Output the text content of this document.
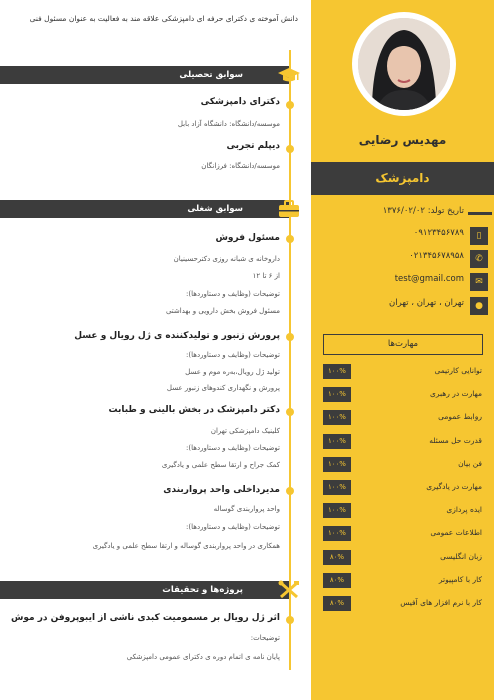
مهدیس رضایی
دامپزشک
تاریخ تولد: ۱۳۷۶/۰۲/۰۲
▯
۰۹۱۲۳۴۵۶۷۸۹
✆
۰۲۱۳۴۵۶۷۸۹۵۸
✉
test@gmail.com
●
تهران ، تهران ، تهران
مهارت‌ها
۱۰۰%	توانایی کارتیمی
۱۰۰%	مهارت در رهبری
۱۰۰%	روابط عمومی
۱۰۰%	قدرت حل مسئله
۱۰۰%	فن بیان
۱۰۰%	مهارت در یادگیری
۱۰۰%	ایده پردازی
۱۰۰%	اطلاعات عمومی
۸۰%	زبان انگلیسی
۸۰%	کار با کامپیوتر
۸۰%	کار با نرم افزار های آفیس
دانش آموخته ی دکترای حرفه ای دامپزشکی علاقه مند به فعالیت به عنوان مسئول فنی
سوابق تحصیلی
دکترای دامپزشکی
موسسه/دانشگاه: دانشگاه آزاد بابل
دیپلم تجربی
موسسه/دانشگاه: فرزانگان
سوابق شغلی
مسئول فروش
داروخانه ی شبانه روزی دکترحسینیان
از ۶ تا ۱۲
توضیحات (وظایف و دستاوردها):
مسئول فروش بخش دارویی و بهداشتی
پرورش زنبور و تولیدکننده ی ژل رویال و عسل
توضیحات (وظایف و دستاوردها):
تولید ژل رویال،به‌ره موم و عسل
پرورش و نگهداری کندوهای زنبور عسل
دکتر دامپزشک در بخش بالینی و طبابت
کلینیک دامپزشکی تهران
توضیحات (وظایف و دستاوردها):
کمک جراح و ارتقا سطح علمی و یادگیری
مدیرداخلی واحد پرواربندی
واحد پرواربندی گوساله
توضیحات (وظایف و دستاوردها):
همکاری در واحد پرواربندی گوساله و ارتقا سطح علمی و یادگیری
پروژه‌ها و تحقیقات
اثر ژل رویال بر مسمومیت کبدی ناشی از ایبوپروفن در موش
توضیحات:
پایان نامه ی اتمام دوره ی دکترای عمومی دامپزشکی
